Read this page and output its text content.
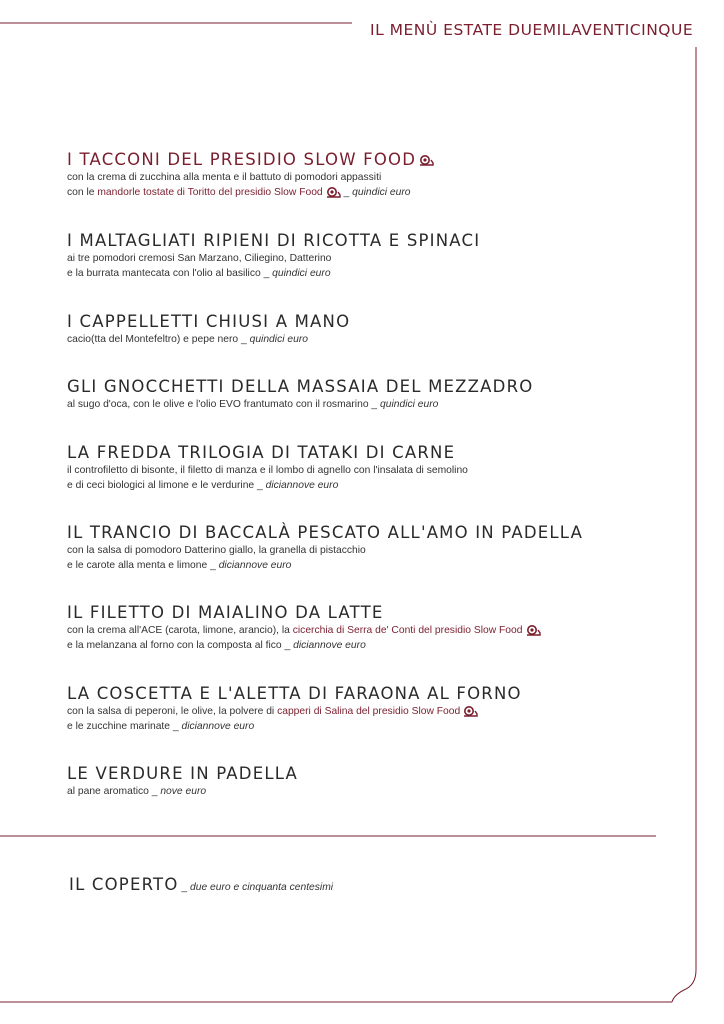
IL MENÙ ESTATE DUEMILAVENTICINQUE
I TACCONI DEL PRESIDIO SLOW FOOD
con la crema di zucchina alla menta e il battuto di pomodori appassiti
con le mandorle tostate di Toritto del presidio Slow Food _ quindici euro
I MALTAGLIATI RIPIENI DI RICOTTA E SPINACI
ai tre pomodori cremosi San Marzano, Ciliegino, Datterino
e la burrata mantecata con l'olio al basilico _ quindici euro
I CAPPELLETTI CHIUSI A MANO
cacio(tta del Montefeltro) e pepe nero _ quindici euro
GLI GNOCCHETTI DELLA MASSAIA DEL MEZZADRO
al sugo d'oca, con le olive e l'olio EVO frantumato con il rosmarino _ quindici euro
LA FREDDA TRILOGIA DI TATAKI DI CARNE
il controfiletto di bisonte, il filetto di manza e il lombo di agnello con l'insalata di semolino
e di ceci biologici al limone e le verdurine _ diciannove euro
IL TRANCIO DI BACCALÀ PESCATO ALL'AMO IN PADELLA
con la salsa di pomodoro Datterino giallo, la granella di pistacchio
e le carote alla menta e limone _ diciannove euro
IL FILETTO DI MAIALINO DA LATTE
con la crema all'ACE (carota, limone, arancio), la cicerchia di Serra de' Conti del presidio Slow Food
e la melanzana al forno con la composta al fico _ diciannove euro
LA COSCETTA E L'ALETTA DI FARAONA AL FORNO
con la salsa di peperoni, le olive, la polvere di capperi di Salina del presidio Slow Food
e le zucchine marinate _ diciannove euro
LE VERDURE IN PADELLA
al pane aromatico _ nove euro
IL COPERTO _ due euro e cinquanta centesimi
